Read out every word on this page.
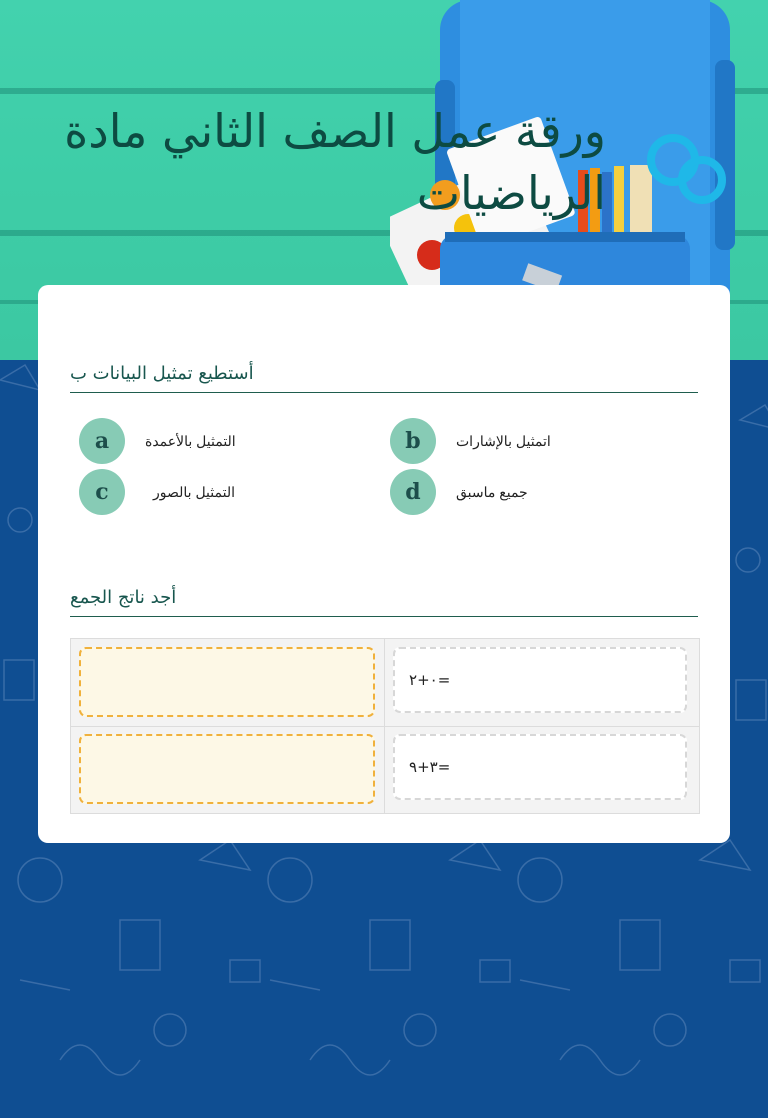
ورقة عمل الصف الثاني مادة الرياضيات
أستطيع تمثيل البيانات ب
a	التمثيل بالأعمدة	b	اتمثيل بالإشارات
c	التمثيل بالصور	d	جميع ماسبق
أجد ناتج الجمع
٠+٢=
٣+٩=
